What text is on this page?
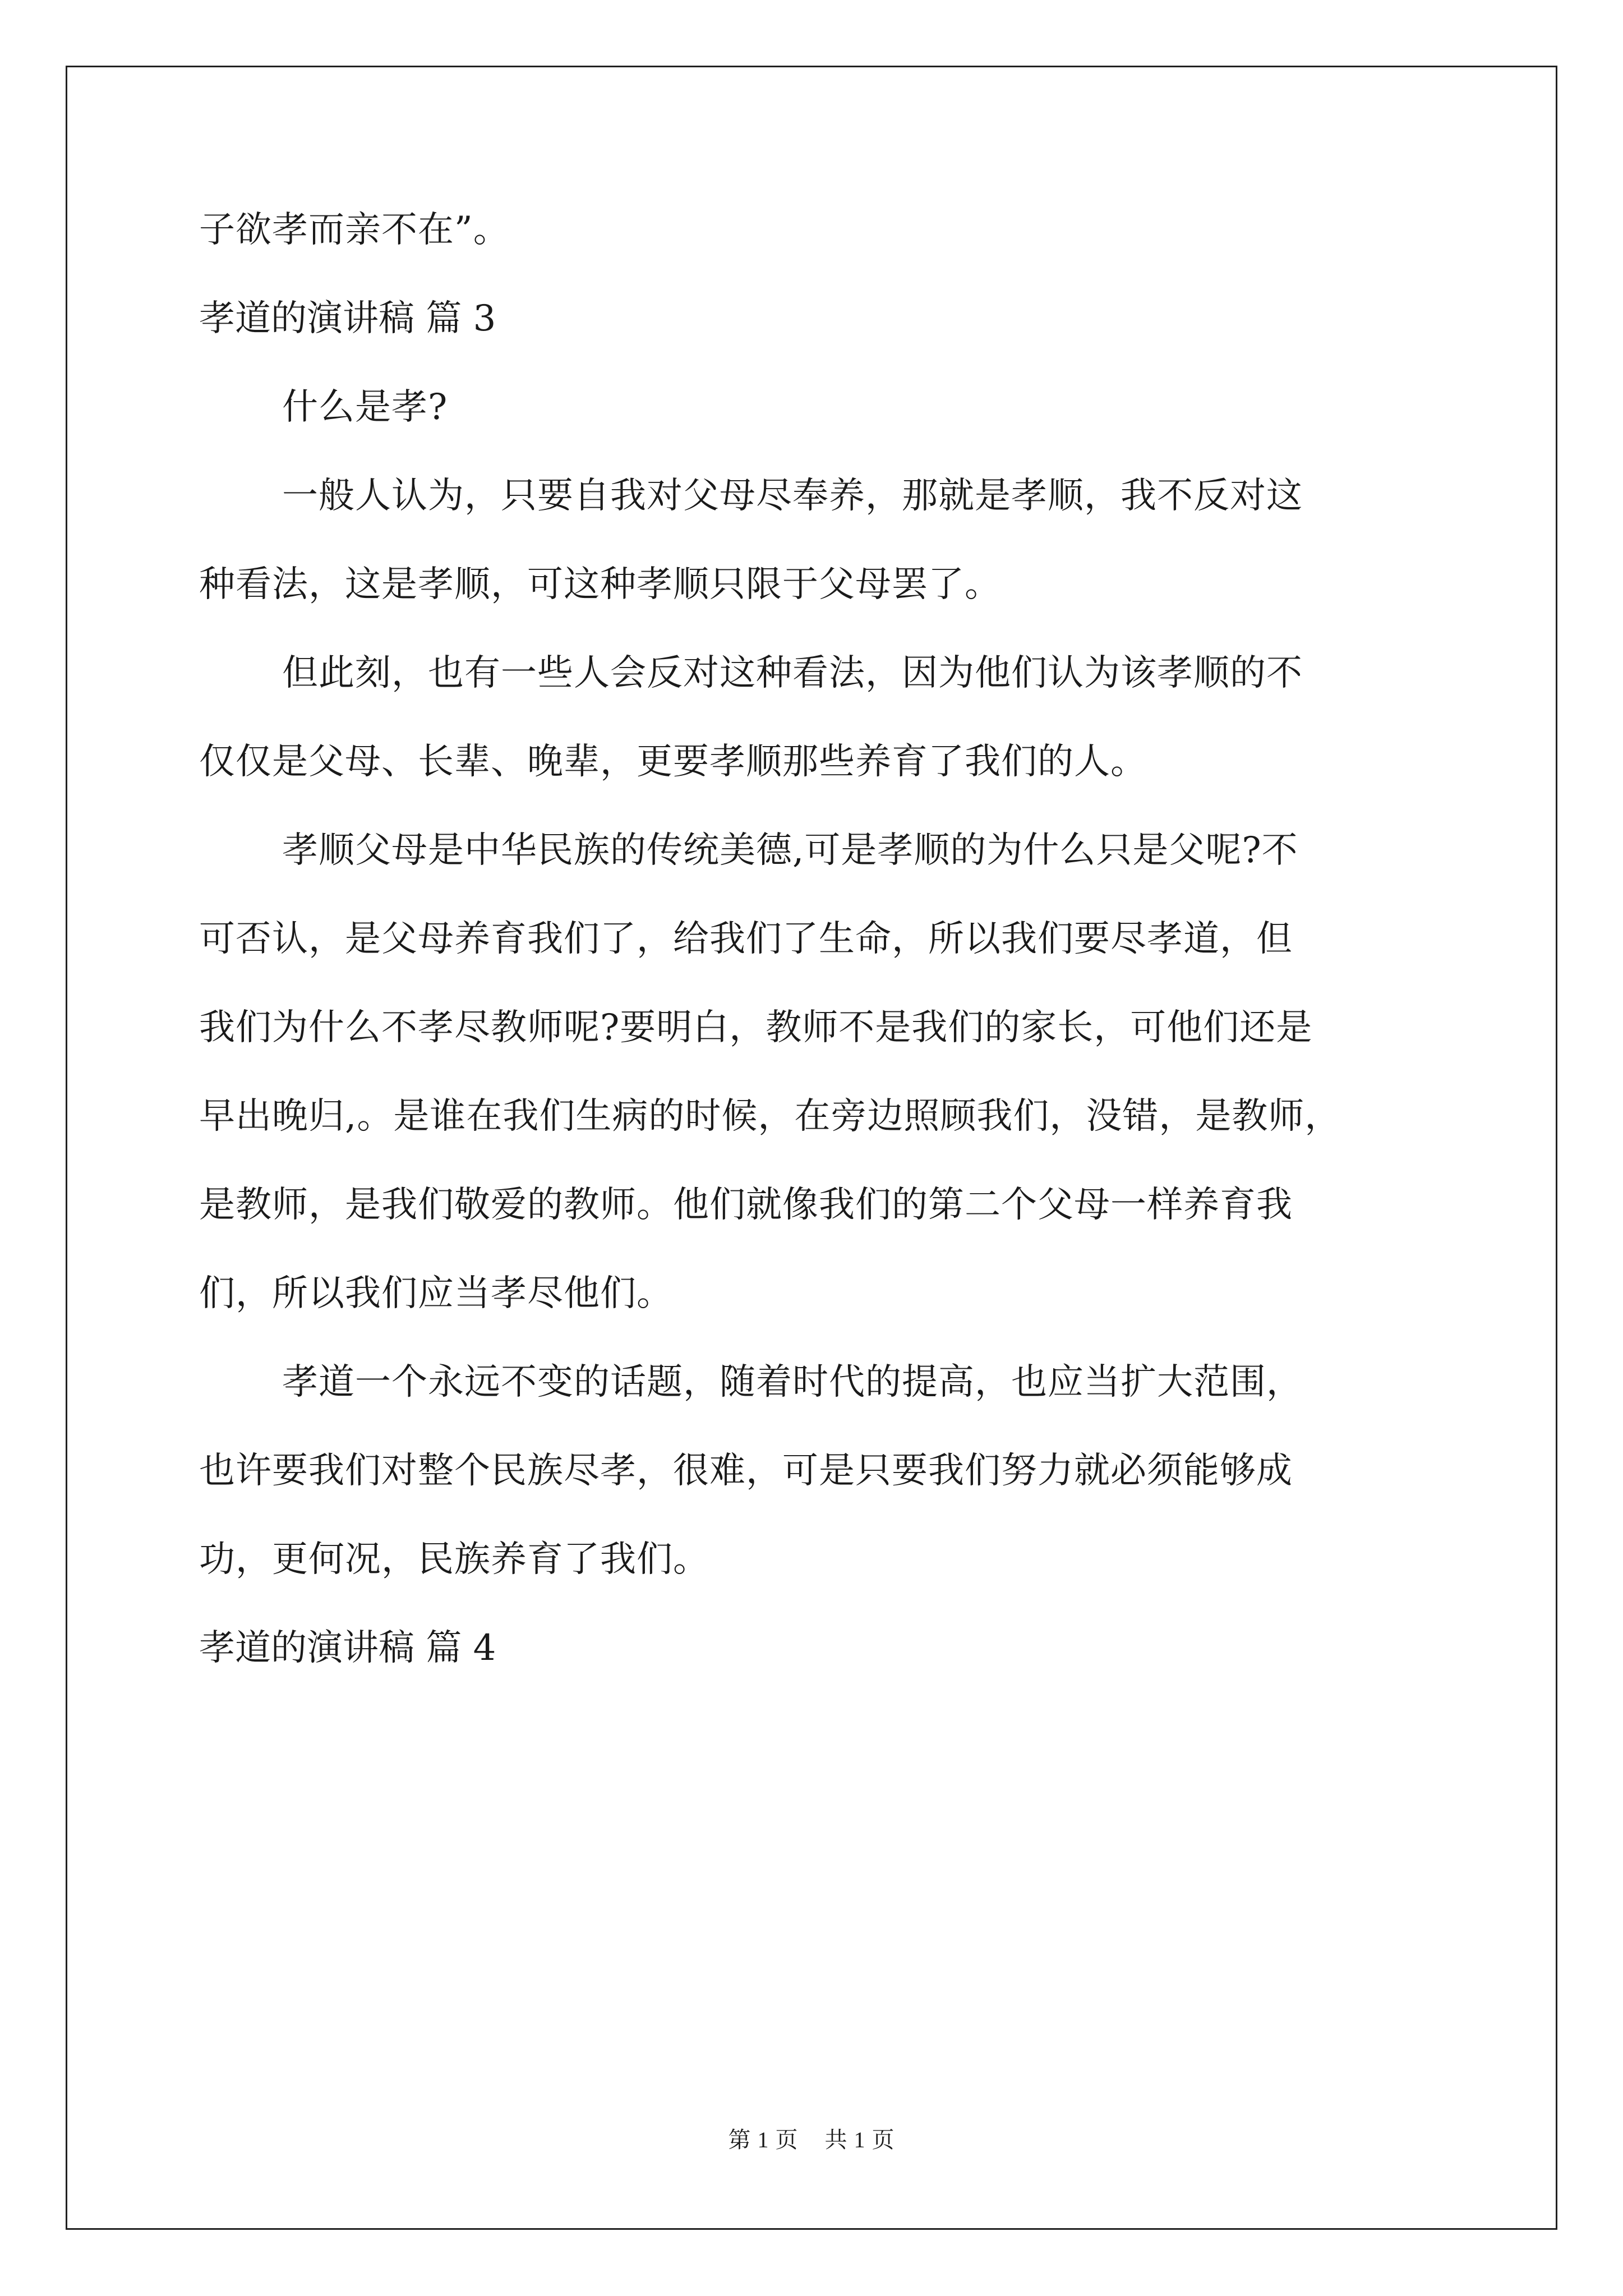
子欲孝而亲不在”。
孝道的演讲稿 篇 3
什么是孝?
一般人认为，只要自我对父母尽奉养，那就是孝顺，我不反对这
种看法，这是孝顺，可这种孝顺只限于父母罢了。
但此刻，也有一些人会反对这种看法，因为他们认为该孝顺的不
仅仅是父母、长辈、晚辈，更要孝顺那些养育了我们的人。
孝顺父母是中华民族的传统美德,可是孝顺的为什么只是父呢?不
可否认，是父母养育我们了，给我们了生命，所以我们要尽孝道，但
我们为什么不孝尽教师呢?要明白，教师不是我们的家长，可他们还是
早出晚归,。是谁在我们生病的时候，在旁边照顾我们，没错，是教师，
是教师，是我们敬爱的教师。他们就像我们的第二个父母一样养育我
们，所以我们应当孝尽他们。
孝道一个永远不变的话题，随着时代的提高，也应当扩大范围，
也许要我们对整个民族尽孝，很难，可是只要我们努力就必须能够成
功，更何况，民族养育了我们。
孝道的演讲稿 篇 4
第 1 页 共 1 页
